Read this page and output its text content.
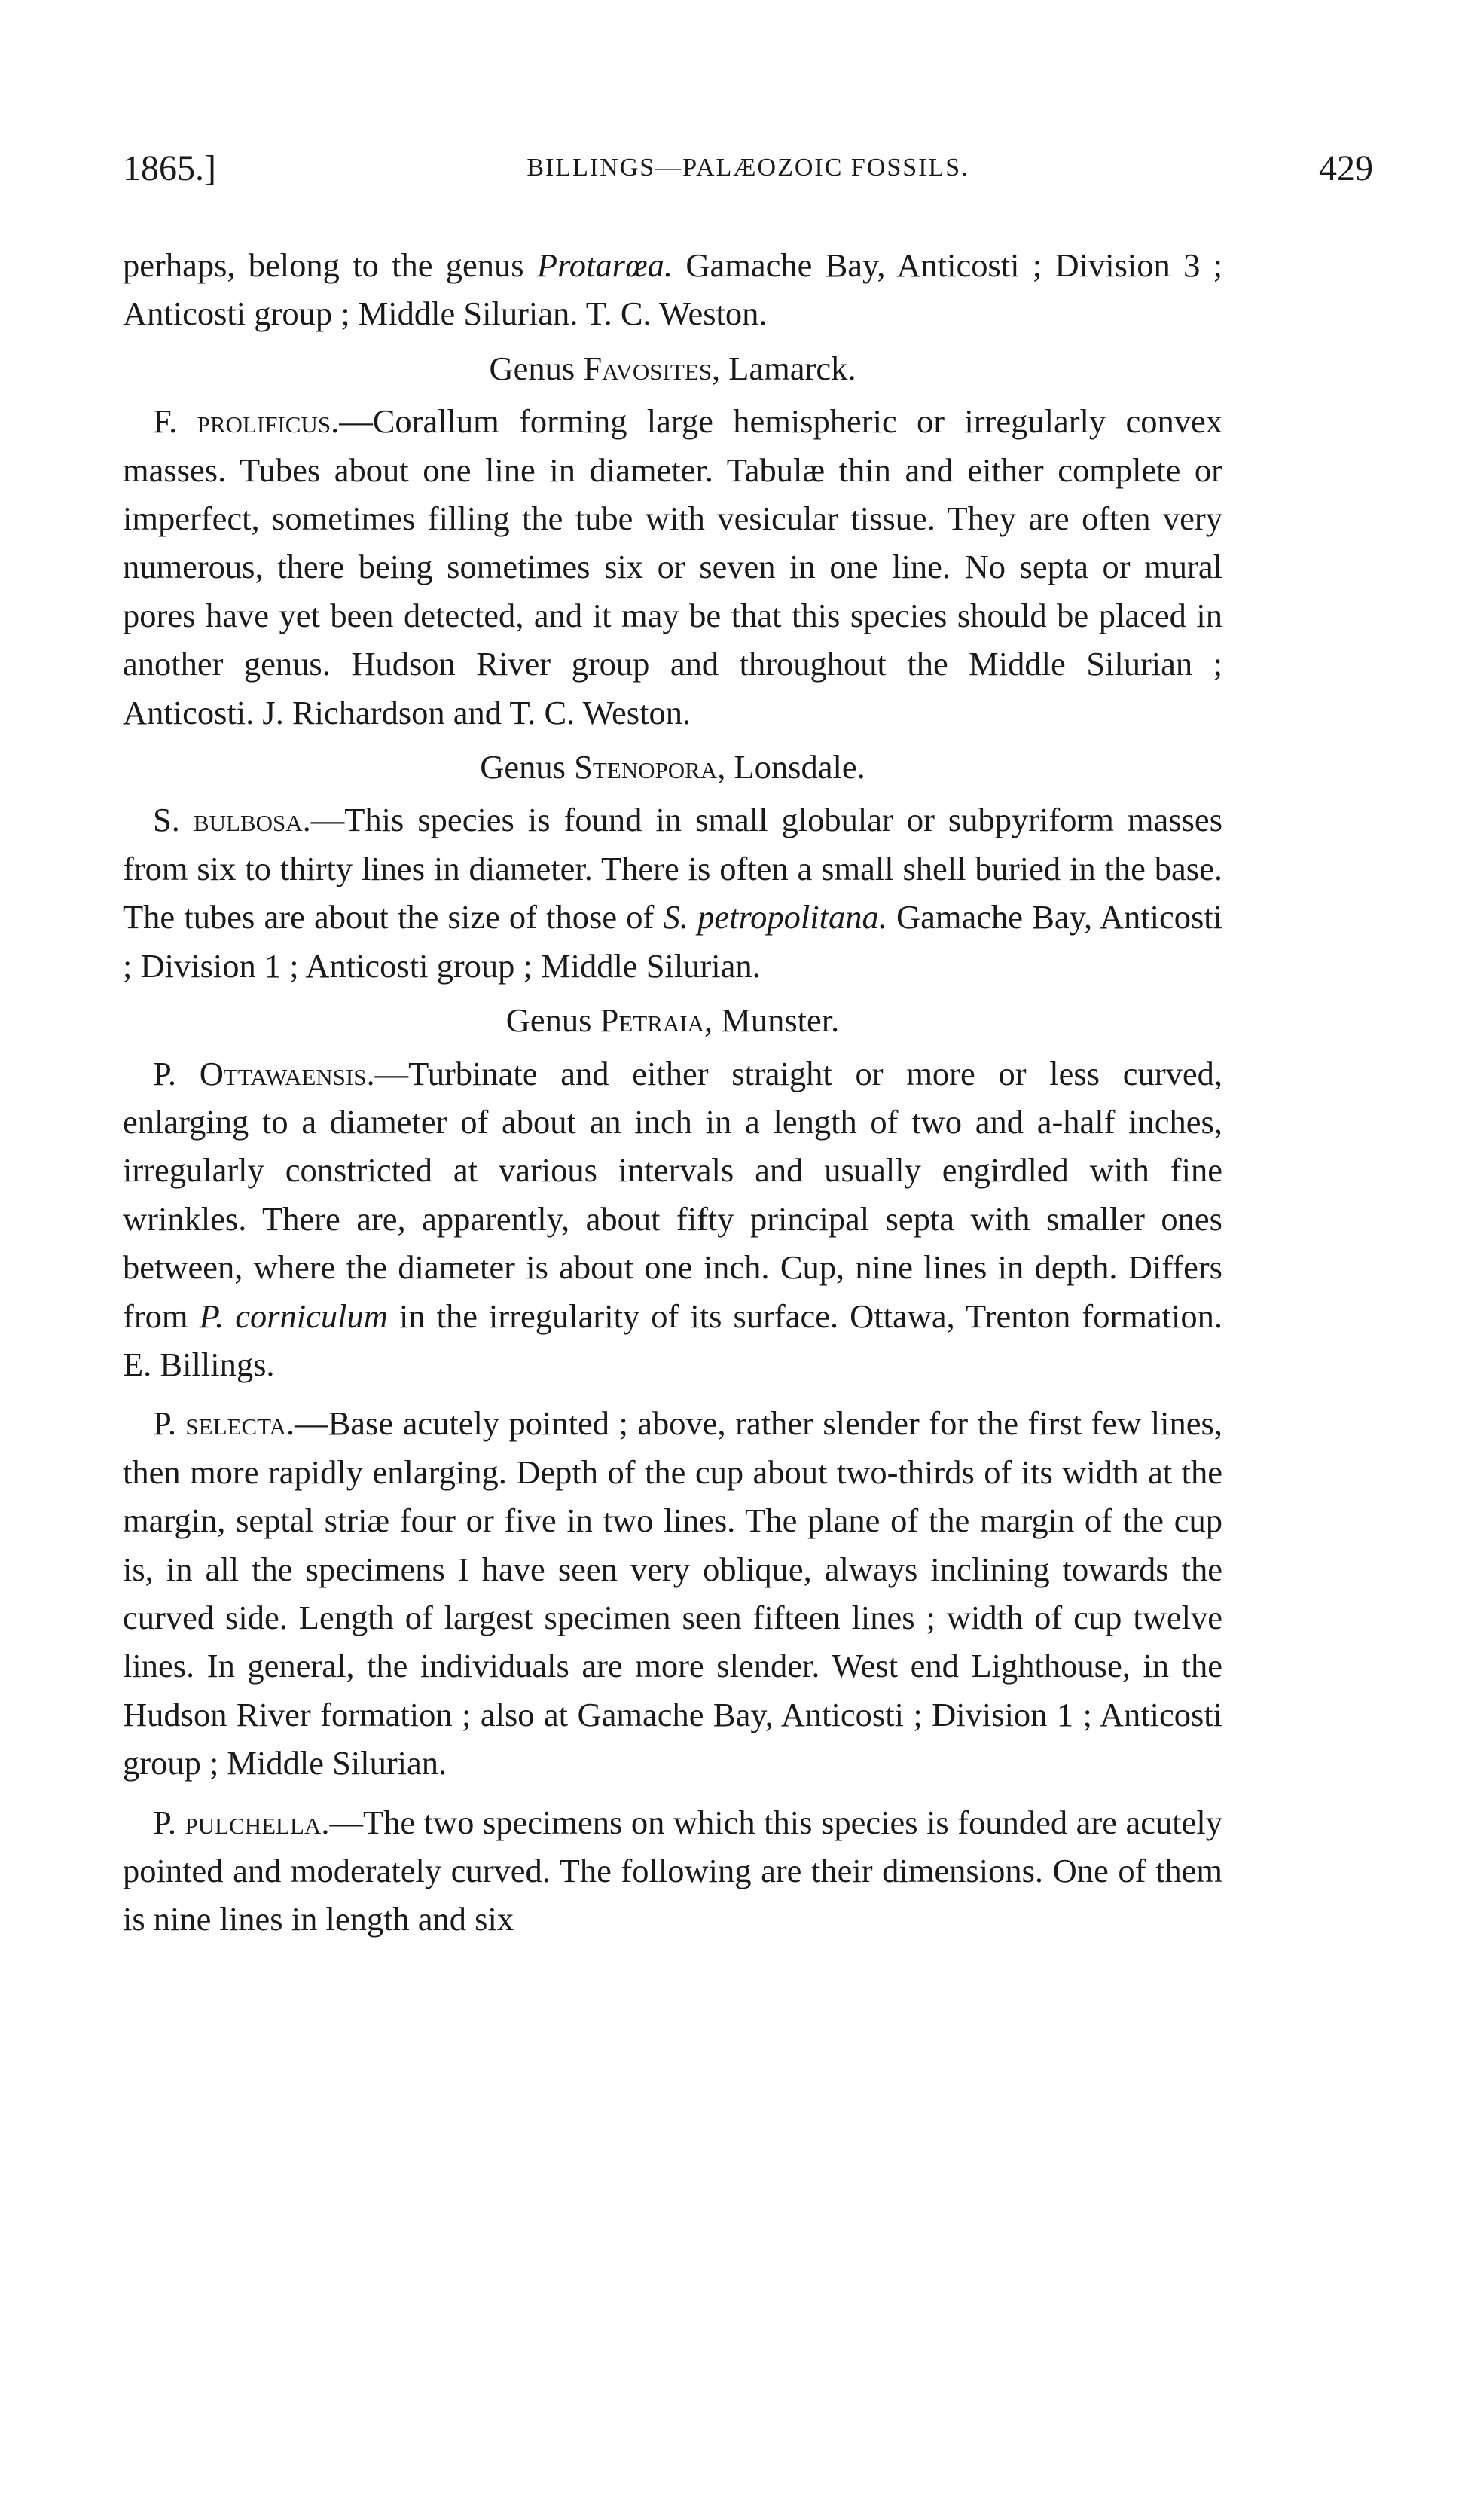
1865.]	BILLINGS—PALÆOZOIC FOSSILS.	429

perhaps, belong to the genus Protarœa. Gamache Bay, Anticosti ; Division 3 ; Anticosti group ; Middle Silurian. T. C. Weston.

Genus Favosites, Lamarck.

F. prolificus.—Corallum forming large hemispheric or irregularly convex masses. Tubes about one line in diameter. Tabulæ thin and either complete or imperfect, sometimes filling the tube with vesicular tissue. They are often very numerous, there being sometimes six or seven in one line. No septa or mural pores have yet been detected, and it may be that this species should be placed in another genus. Hudson River group and throughout the Middle Silurian ; Anticosti. J. Richardson and T. C. Weston.

Genus Stenopora, Lonsdale.

S. bulbosa.—This species is found in small globular or subpyriform masses from six to thirty lines in diameter. There is often a small shell buried in the base. The tubes are about the size of those of S. petropolitana. Gamache Bay, Anticosti ; Division 1 ; Anticosti group ; Middle Silurian.

Genus Petraia, Munster.

P. Ottawaensis.—Turbinate and either straight or more or less curved, enlarging to a diameter of about an inch in a length of two and a-half inches, irregularly constricted at various intervals and usually engirdled with fine wrinkles. There are, apparently, about fifty principal septa with smaller ones between, where the diameter is about one inch. Cup, nine lines in depth. Differs from P. corniculum in the irregularity of its surface. Ottawa, Trenton formation. E. Billings.

P. selecta.—Base acutely pointed ; above, rather slender for the first few lines, then more rapidly enlarging. Depth of the cup about two-thirds of its width at the margin, septal striæ four or five in two lines. The plane of the margin of the cup is, in all the specimens I have seen very oblique, always inclining towards the curved side. Length of largest specimen seen fifteen lines ; width of cup twelve lines. In general, the individuals are more slender. West end Lighthouse, in the Hudson River formation ; also at Gamache Bay, Anticosti ; Division 1 ; Anticosti group ; Middle Silurian.

P. pulchella.—The two specimens on which this species is founded are acutely pointed and moderately curved. The following are their dimensions. One of them is nine lines in length and six
